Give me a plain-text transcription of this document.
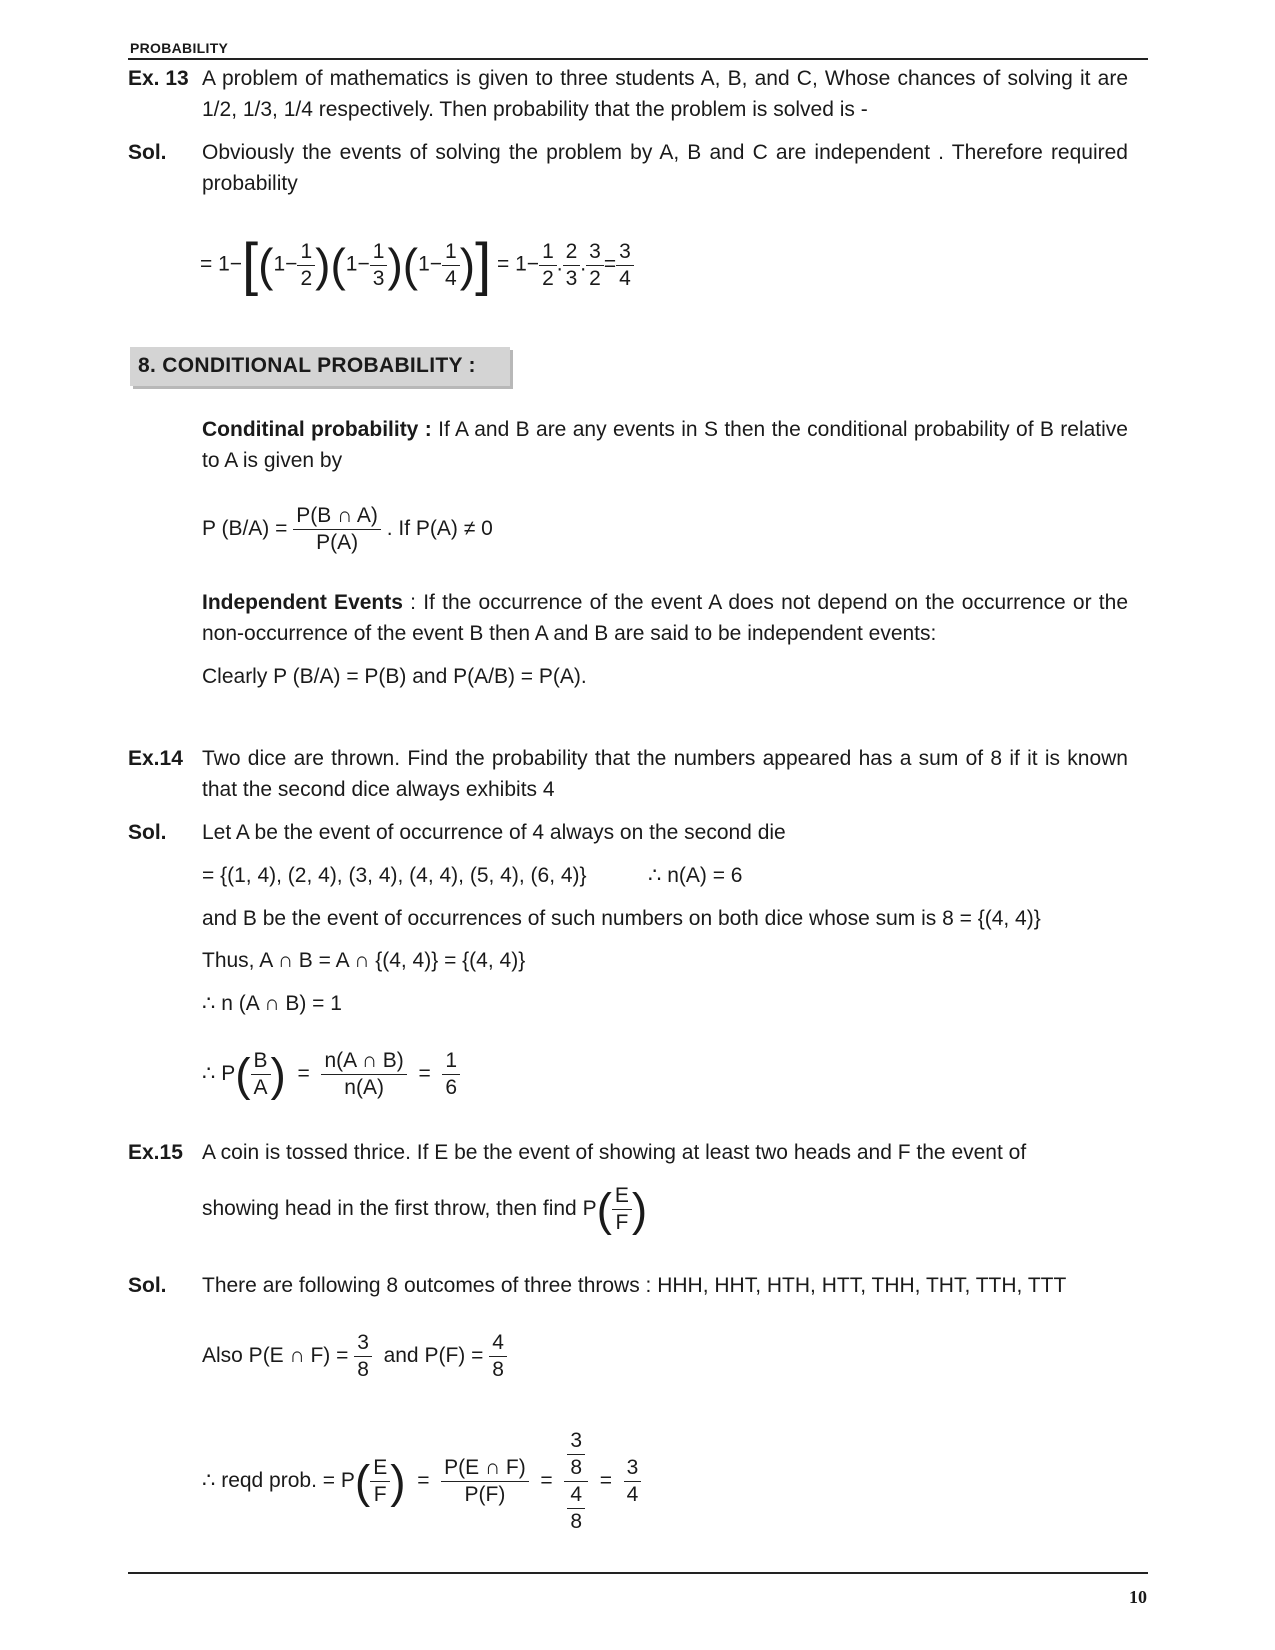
PROBABILITY
Ex. 13 A problem of mathematics is given to three students A, B, and C, Whose chances of solving it are 1/2, 1/3, 1/4 respectively. Then probability that the problem is solved is -
Sol. Obviously the events of solving the problem by A, B and C are independent . Therefore required probability
= $1-[(1- \frac{1}{2} )(1- \frac{1}{3} )(1- \frac{1}{4}$ )] = $1- \frac{1}{2}$ . $\frac{2}{3}$ . $\frac{3}{2} = \frac{3}{4}$
8. CONDITIONAL PROBABILITY :
Conditinal probability : If A and B are any events in S then the conditional probability of B relative to A is given by
P $(B/A) = \frac{P(B \cap A)}{P(A)}$ . If P(A) ≠ 0
Independent Events : If the occurrence of the event A does not depend on the occurrence or the non-occurrence of the event B then A and B are said to be independent events:
Clearly P (B/A) = P(B) and P(A/B) = P(A).
Ex.14 Two dice are thrown. Find the probability that the numbers appeared has a sum of 8 if it is known that the second dice always exhibits 4
Sol. Let A be the event of occurrence of 4 always on the second die
= {(1, 4), (2, 4), (3, 4), (4, 4), (5, 4), (6, 4)}	∴ n(A) = 6
and B be the event of occurrences of such numbers on both dice whose sum is 8 = {(4, 4)}
Thus, A ∩ B = A ∩ {(4, 4)} = {(4, 4)}
∴ n (A ∩ B) = 1
∴ $P( \frac{B}{A}$ ) = $\frac{n(A \cap B)}{n(A)} = \frac{1}{6}$
Ex.15 A coin is tossed thrice. If E be the event of showing at least two heads and F the event of
showing head in the first throw, then find $P( \frac{E}{F}$ )
Sol. There are following 8 outcomes of three throws : HHH, HHT, HTH, HTT, THH, THT, TTH, TTT
Also P(E ∩ $F) = \frac{3}{8}$ and $P(F) = \frac{4}{8}$
∴ reqd prob. = $P( \frac{E}{F}$ ) = $\frac{P(E \cap F)}{P(F)} = \frac{\frac{3}{8}}{\frac{4}{8}} = \frac{3}{4}$
10
